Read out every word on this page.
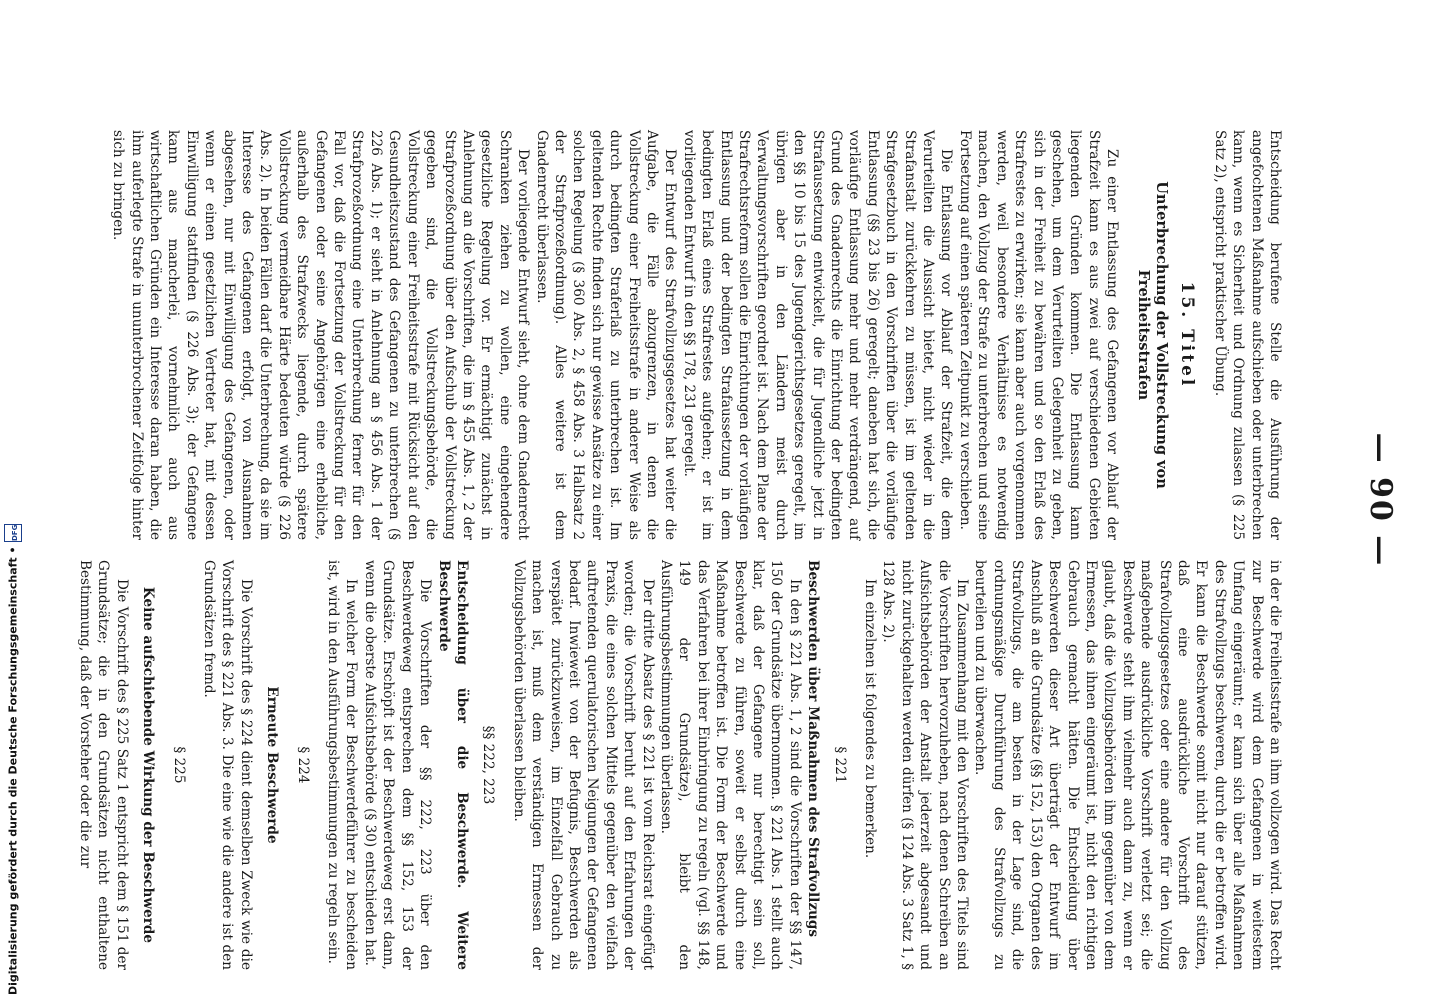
— 90 —

Entscheidung berufene Stelle die Ausführung der angefochtenen Maßnahme aufschieben oder unterbrechen kann, wenn es Sicherheit und Ordnung zulassen (§ 225 Satz 2), entspricht praktischer Übung.

15. Titel

Unterbrechung der Vollstreckung von Freiheitsstrafen

Zu einer Entlassung des Gefangenen vor Ablauf der Strafzeit kann es aus zwei auf verschiedenen Gebieten liegenden Gründen kommen. Die Entlassung kann geschehen, um dem Verurteilten Gelegenheit zu geben, sich in der Freiheit zu bewähren und so den Erlaß des Strafrestes zu erwirken; sie kann aber auch vorgenommen werden, weil besondere Verhältnisse es notwendig machen, den Vollzug der Strafe zu unterbrechen und seine Fortsetzung auf einen späteren Zeitpunkt zu verschieben.

Die Entlassung vor Ablauf der Strafzeit, die dem Verurteilten die Aussicht bietet, nicht wieder in die Strafanstalt zurückkehren zu müssen, ist im geltenden Strafgesetzbuch in den Vorschriften über die vorläufige Entlassung (§§ 23 bis 26) geregelt; daneben hat sich, die vorläufige Entlassung mehr und mehr verdrängend, auf Grund des Gnadenrechts die Einrichtung der bedingten Strafaussetzung entwickelt, die für Jugendliche jetzt in den §§ 10 bis 15 des Jugendgerichtsgesetzes geregelt, im übrigen aber in den Ländern meist durch Verwaltungsvorschriften geordnet ist. Nach dem Plane der Strafrechtsreform sollen die Einrichtungen der vorläufigen Entlassung und der bedingten Strafaussetzung in dem bedingten Erlaß eines Strafrestes aufgehen; er ist im vorliegenden Entwurf in den §§ 178, 231 geregelt.

Der Entwurf des Strafvollzugsgesetzes hat weiter die Aufgabe, die Fälle abzugrenzen, in denen die Vollstreckung einer Freiheitsstrafe in anderer Weise als durch bedingten Straferlaß zu unterbrechen ist. Im geltenden Rechte finden sich nur gewisse Ansätze zu einer solchen Regelung (§ 360 Abs. 2, § 458 Abs. 3 Halbsatz 2 der Strafprozeßordnung). Alles weitere ist dem Gnadenrecht überlassen.

Der vorliegende Entwurf sieht, ohne dem Gnadenrecht Schranken ziehen zu wollen, eine eingehendere gesetzliche Regelung vor. Er ermächtigt zunächst in Anlehnung an die Vorschriften, die im § 455 Abs. 1, 2 der Strafprozeßordnung über den Aufschub der Vollstreckung gegeben sind, die Vollstreckungsbehörde, die Vollstreckung einer Freiheitsstrafe mit Rücksicht auf den Gesundheitszustand des Gefangenen zu unterbrechen (§ 226 Abs. 1); er sieht in Anlehnung an § 456 Abs. 1 der Strafprozeßordnung eine Unterbrechung ferner für den Fall vor, daß die Fortsetzung der Vollstreckung für den Gefangenen oder seine Angehörigen eine erhebliche, außerhalb des Strafzwecks liegende, durch spätere Vollstreckung vermeidbare Härte bedeuten würde (§ 226 Abs. 2). In beiden Fällen darf die Unterbrechung, da sie im Interesse des Gefangenen erfolgt, von Ausnahmen abgesehen, nur mit Einwilligung des Gefangenen, oder wenn er einen gesetzlichen Vertreter hat, mit dessen Einwilligung stattfinden (§ 226 Abs. 3); der Gefangene kann aus mancherlei, vornehmlich auch aus wirtschaftlichen Gründen ein Interesse daran haben, die ihm auferlegte Strafe in ununterbrochener Zeitfolge hinter sich zu bringen.

in der die Freiheitsstrafe an ihm vollzogen wird. Das Recht zur Beschwerde wird dem Gefangenen in weitestem Umfang eingeräumt; er kann sich über alle Maßnahmen des Strafvollzugs beschweren, durch die er betroffen wird. Er kann die Beschwerde somit nicht nur darauf stützen, daß eine ausdrückliche Vorschrift des Strafvollzugsgesetzes oder eine andere für den Vollzug maßgebende ausdrückliche Vorschrift verletzt sei; die Beschwerde steht ihm vielmehr auch dann zu, wenn er glaubt, daß die Vollzugsbehörden ihm gegenüber von dem Ermessen, das ihnen eingeräumt ist, nicht den richtigen Gebrauch gemacht hätten. Die Entscheidung über Beschwerden dieser Art überträgt der Entwurf im Anschluß an die Grundsätze (§§ 152, 153) den Organen des Strafvollzugs, die am besten in der Lage sind, die ordnungsmäßige Durchführung des Strafvollzugs zu beurteilen und zu überwachen.

Im Zusammenhang mit den Vorschriften des Titels sind die Vorschriften hervorzuheben, nach denen Schreiben an Aufsichtsbehörden der Anstalt jederzeit abgesandt und nicht zurückgehalten werden dürfen (§ 124 Abs. 3 Satz 1, § 128 Abs. 2).

Im einzelnen ist folgendes zu bemerken.

§ 221

Beschwerden über Maßnahmen des Strafvollzugs

In den § 221 Abs. 1, 2 sind die Vorschriften der §§ 147, 150 der Grundsätze übernommen. § 221 Abs. 1 stellt auch klar, daß der Gefangene nur berechtigt sein soll, Beschwerde zu führen, soweit er selbst durch eine Maßnahme betroffen ist. Die Form der Beschwerde und das Verfahren bei ihrer Einbringung zu regeln (vgl. §§ 148, 149 der Grundsätze), bleibt den Ausführungsbestimmungen überlassen.

Der dritte Absatz des § 221 ist vom Reichsrat eingefügt worden; die Vorschrift beruht auf den Erfahrungen der Praxis, die eines solchen Mittels gegenüber den vielfach auftretenden querulatorischen Neigungen der Gefangenen bedarf. Inwieweit von der Befugnis, Beschwerden als verspätet zurückzuweisen, im Einzelfall Gebrauch zu machen ist, muß dem verständigen Ermessen der Vollzugsbehörden überlassen bleiben.

§§ 222, 223

Entscheidung über die Beschwerde. Weitere Beschwerde

Die Vorschriften der §§ 222, 223 über den Beschwerdeweg entsprechen dem §§ 152, 153 der Grundsätze. Erschöpft ist der Beschwerdeweg erst dann, wenn die oberste Aufsichtsbehörde (§ 30) entschieden hat.

In welcher Form der Beschwerdeführer zu bescheiden ist, wird in den Ausführungsbestimmungen zu regeln sein.

§ 224

Erneute Beschwerde

Die Vorschrift des § 224 dient demselben Zweck wie die Vorschrift des § 221 Abs. 3. Die eine wie die andere ist den Grundsätzen fremd.

§ 225

Keine aufschiebende Wirkung der Beschwerde

Die Vorschrift des § 225 Satz 1 entspricht dem § 151 der Grundsätze; die in den Grundsätzen nicht enthaltene Bestimmung, daß der Vorsteher oder die zur

Digitalisierung gefördert durch die Deutsche Forschungsgemeinschaft •
DFG
